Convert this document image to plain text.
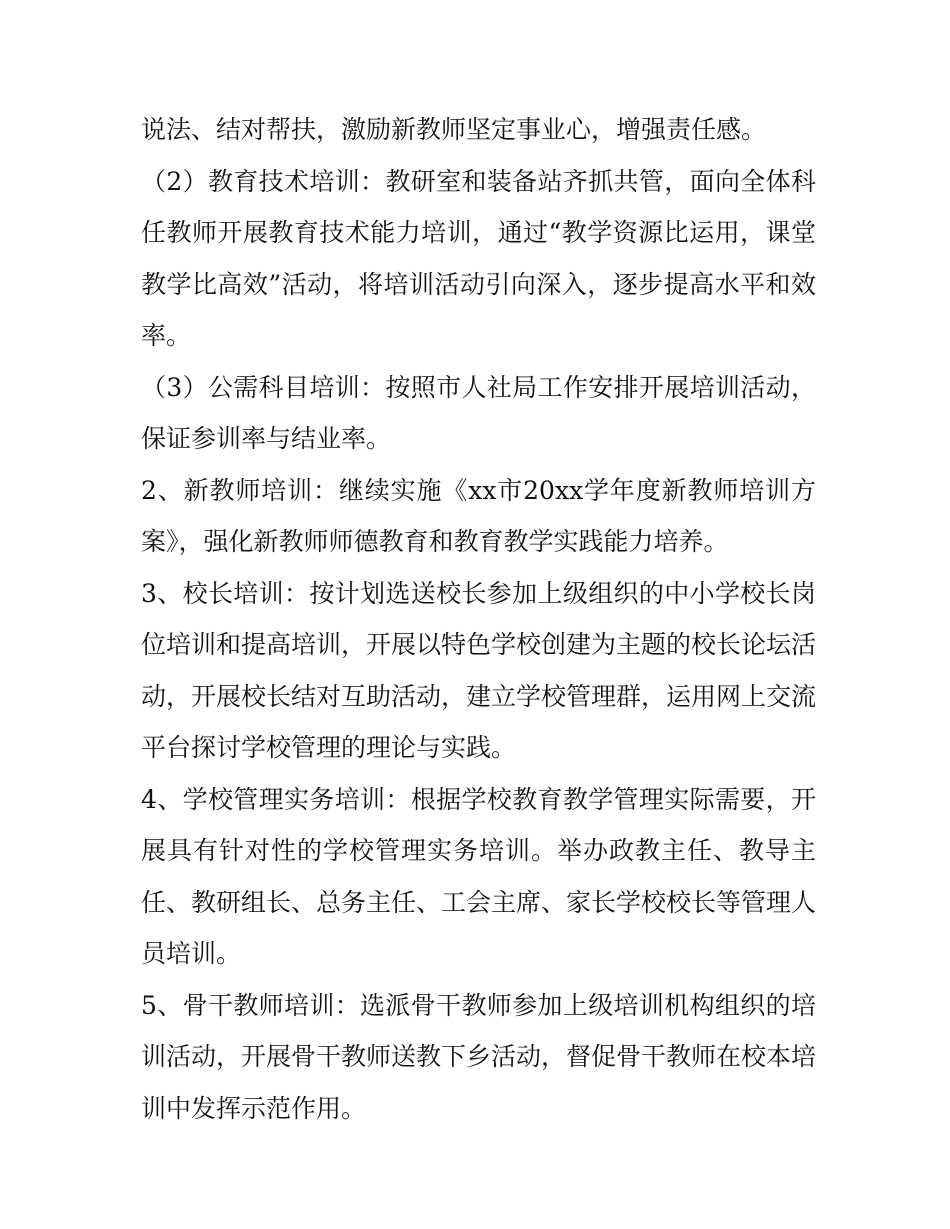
说法、结对帮扶，激励新教师坚定事业心，增强责任感。

（2）教育技术培训：教研室和装备站齐抓共管，面向全体科任教师开展教育技术能力培训，通过“教学资源比运用，课堂教学比高效”活动，将培训活动引向深入，逐步提高水平和效率。

（3）公需科目培训：按照市人社局工作安排开展培训活动，保证参训率与结业率。

2、新教师培训：继续实施《xx市20xx学年度新教师培训方案》，强化新教师师德教育和教育教学实践能力培养。

3、校长培训：按计划选送校长参加上级组织的中小学校长岗位培训和提高培训，开展以特色学校创建为主题的校长论坛活动，开展校长结对互助活动，建立学校管理群，运用网上交流平台探讨学校管理的理论与实践。

4、学校管理实务培训：根据学校教育教学管理实际需要，开展具有针对性的学校管理实务培训。举办政教主任、教导主任、教研组长、总务主任、工会主席、家长学校校长等管理人员培训。

5、骨干教师培训：选派骨干教师参加上级培训机构组织的培训活动，开展骨干教师送教下乡活动，督促骨干教师在校本培训中发挥示范作用。
